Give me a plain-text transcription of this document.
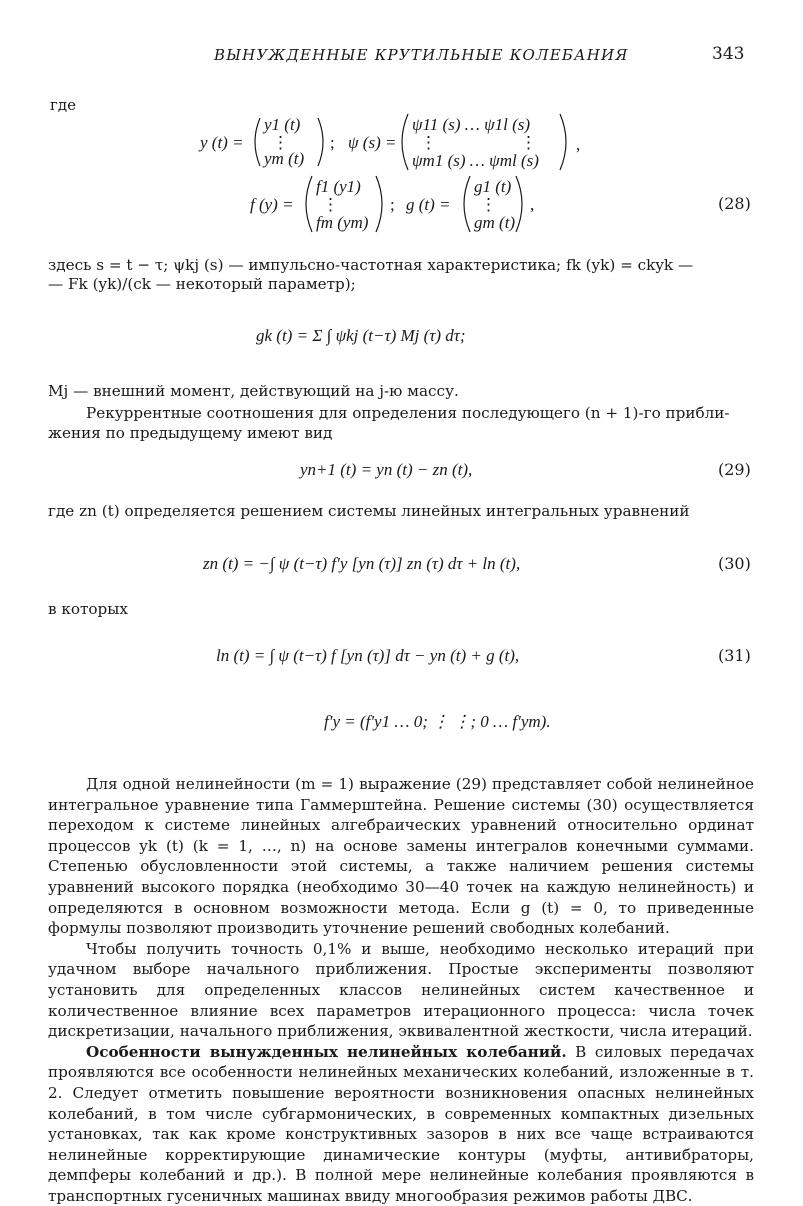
ВЫНУЖДЕННЫЕ КРУТИЛЬНЫЕ КОЛЕБАНИЯ	343
где
y (t) =
y1 (t)
⋮
ym (t)
; ψ (s) =
ψ11 (s) … ψ1l (s)
⋮	⋮
ψm1 (s) … ψml (s)
,
f (y) =
f1 (y1)
⋮
fm (ym)
; g (t) =
g1 (t)
⋮
gm (t)
,	(28)
здесь s = t − τ; ψkj (s) — импульсно-частотная характеристика; fk (yk) = ckyk —
— Fk (yk)/(ck — некоторый параметр);
gk (t) = Σ ∫ ψkj (t−τ) Mj (τ) dτ;
Mj — внешний момент, действующий на j-ю массу.
Рекуррентные соотношения для определения последующего (n + 1)-го прибли-
жения по предыдущему имеют вид
yn+1 (t) = yn (t) − zn (t),	(29)
где zn (t) определяется решением системы линейных интегральных уравнений
zn (t) = −∫ ψ (t−τ) f′y [yn (τ)] zn (τ) dτ + ln (t),	(30)
в которых
ln (t) = ∫ ψ (t−τ) f [yn (τ)] dτ − yn (t) + g (t),	(31)
f′y = (f′y1 … 0; ⋮ ⋮; 0 … f′ym).

Для одной нелинейности (m = 1) выражение (29) представляет собой нелинейное интегральное уравнение типа Гаммерштейна. Решение системы (30) осуществляется переходом к системе линейных алгебраических уравнений относительно ординат процессов yk (t) (k = 1, …, n) на основе замены интегралов конечными суммами. Степенью обусловленности этой системы, а также наличием решения системы уравнений высокого порядка (необходимо 30—40 точек на каждую нелинейность) и определяются в основном возможности метода. Если g (t) = 0, то приведенные формулы позволяют производить уточнение решений свободных колебаний.

Чтобы получить точность 0,1% и выше, необходимо несколько итераций при удачном выборе начального приближения. Простые эксперименты позволяют установить для определенных классов нелинейных систем качественное и количественное влияние всех параметров итерационного процесса: числа точек дискретизации, начального приближения, эквивалентной жесткости, числа итераций.

Особенности вынужденных нелинейных колебаний. В силовых передачах проявляются все особенности нелинейных механических колебаний, изложенные в т. 2. Следует отметить повышение вероятности возникновения опасных нелинейных колебаний, в том числе субгармонических, в современных компактных дизельных установках, так как кроме конструктивных зазоров в них все чаще встраиваются нелинейные корректирующие динамические контуры (муфты, антивибраторы, демпферы колебаний и др.). В полной мере нелинейные колебания проявляются в транспортных гусеничных машинах ввиду многообразия режимов работы ДВС.
